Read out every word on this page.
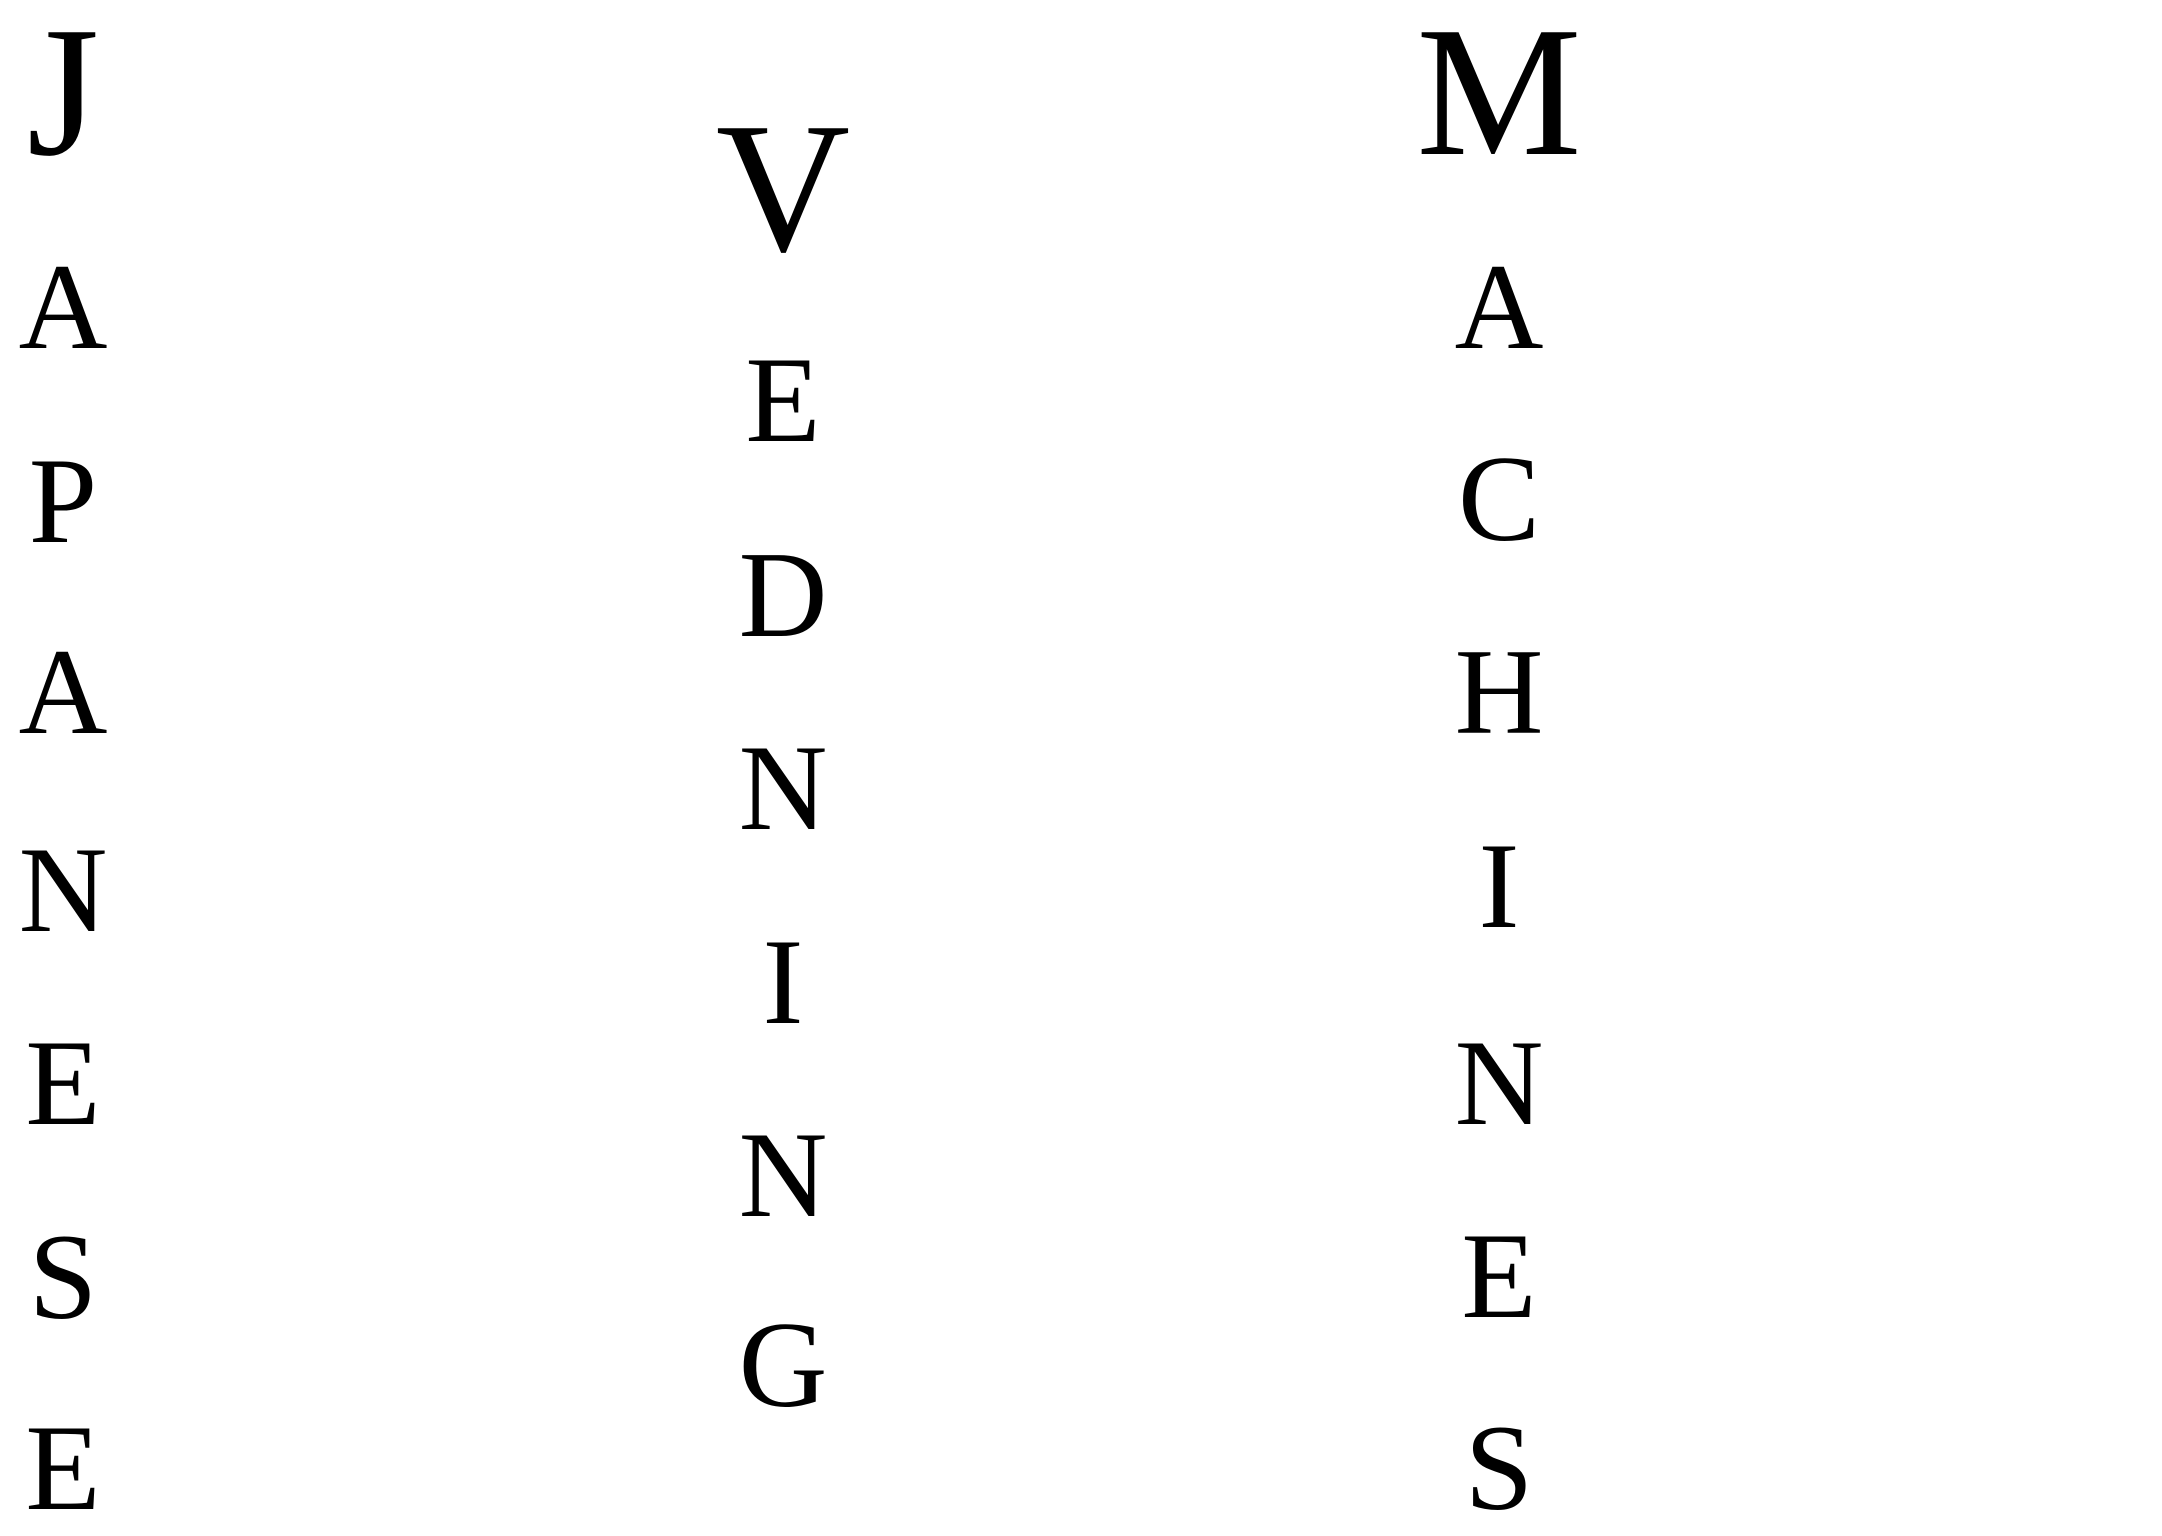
J
A
P
A
N
E
S
E
V
E
D
N
I
N
G
M
A
C
H
I
N
E
S
